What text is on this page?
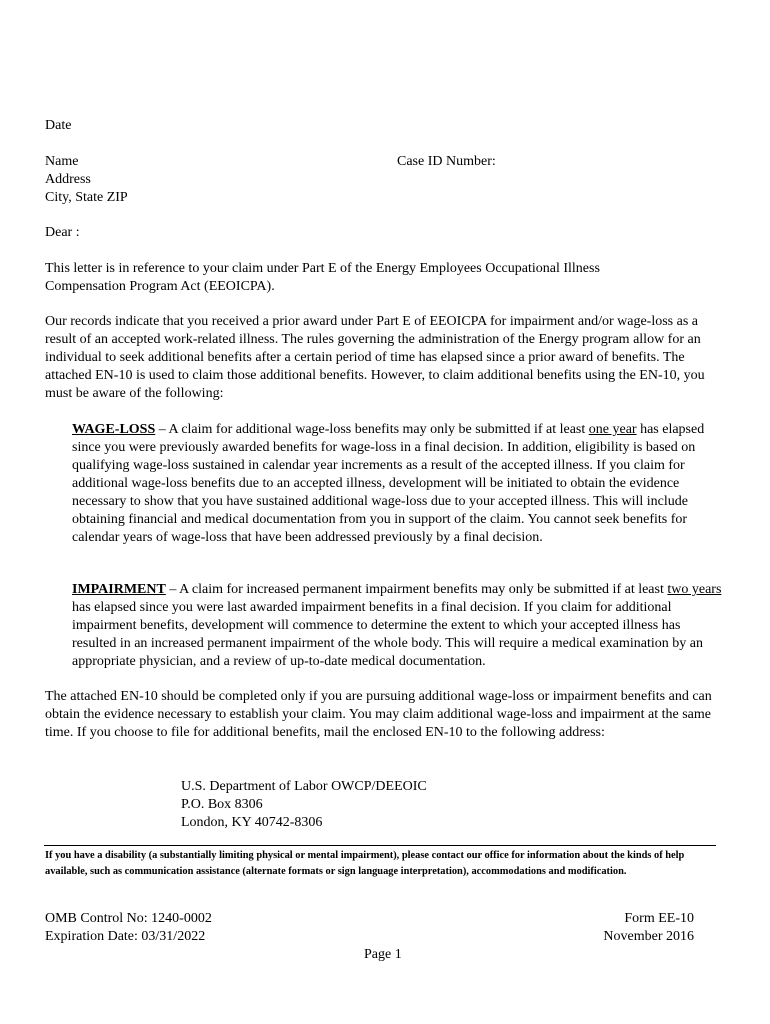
Date
Name	Case ID Number:
Address
City, State ZIP
Dear :
This letter is in reference to your claim under Part E of the Energy Employees Occupational Illness Compensation Program Act (EEOICPA).
Our records indicate that you received a prior award under Part E of EEOICPA for impairment and/or wage-loss as a result of an accepted work-related illness. The rules governing the administration of the Energy program allow for an individual to seek additional benefits after a certain period of time has elapsed since a prior award of benefits. The attached EN-10 is used to claim those additional benefits. However, to claim additional benefits using the EN-10, you must be aware of the following:
WAGE-LOSS – A claim for additional wage-loss benefits may only be submitted if at least one year has elapsed since you were previously awarded benefits for wage-loss in a final decision. In addition, eligibility is based on qualifying wage-loss sustained in calendar year increments as a result of the accepted illness. If you claim for additional wage-loss benefits due to an accepted illness, development will be initiated to obtain the evidence necessary to show that you have sustained additional wage-loss due to your accepted illness. This will include obtaining financial and medical documentation from you in support of the claim. You cannot seek benefits for calendar years of wage-loss that have been addressed previously by a final decision.
IMPAIRMENT – A claim for increased permanent impairment benefits may only be submitted if at least two years has elapsed since you were last awarded impairment benefits in a final decision. If you claim for additional impairment benefits, development will commence to determine the extent to which your accepted illness has resulted in an increased permanent impairment of the whole body. This will require a medical examination by an appropriate physician, and a review of up-to-date medical documentation.
The attached EN-10 should be completed only if you are pursuing additional wage-loss or impairment benefits and can obtain the evidence necessary to establish your claim. You may claim additional wage-loss and impairment at the same time. If you choose to file for additional benefits, mail the enclosed EN-10 to the following address:
U.S. Department of Labor OWCP/DEEOIC
P.O. Box 8306
London, KY 40742-8306
If you have a disability (a substantially limiting physical or mental impairment), please contact our office for information about the kinds of help available, such as communication assistance (alternate formats or sign language interpretation), accommodations and modification.
OMB Control No: 1240-0002
Expiration Date: 03/31/2022
Form EE-10
November 2016
Page 1
